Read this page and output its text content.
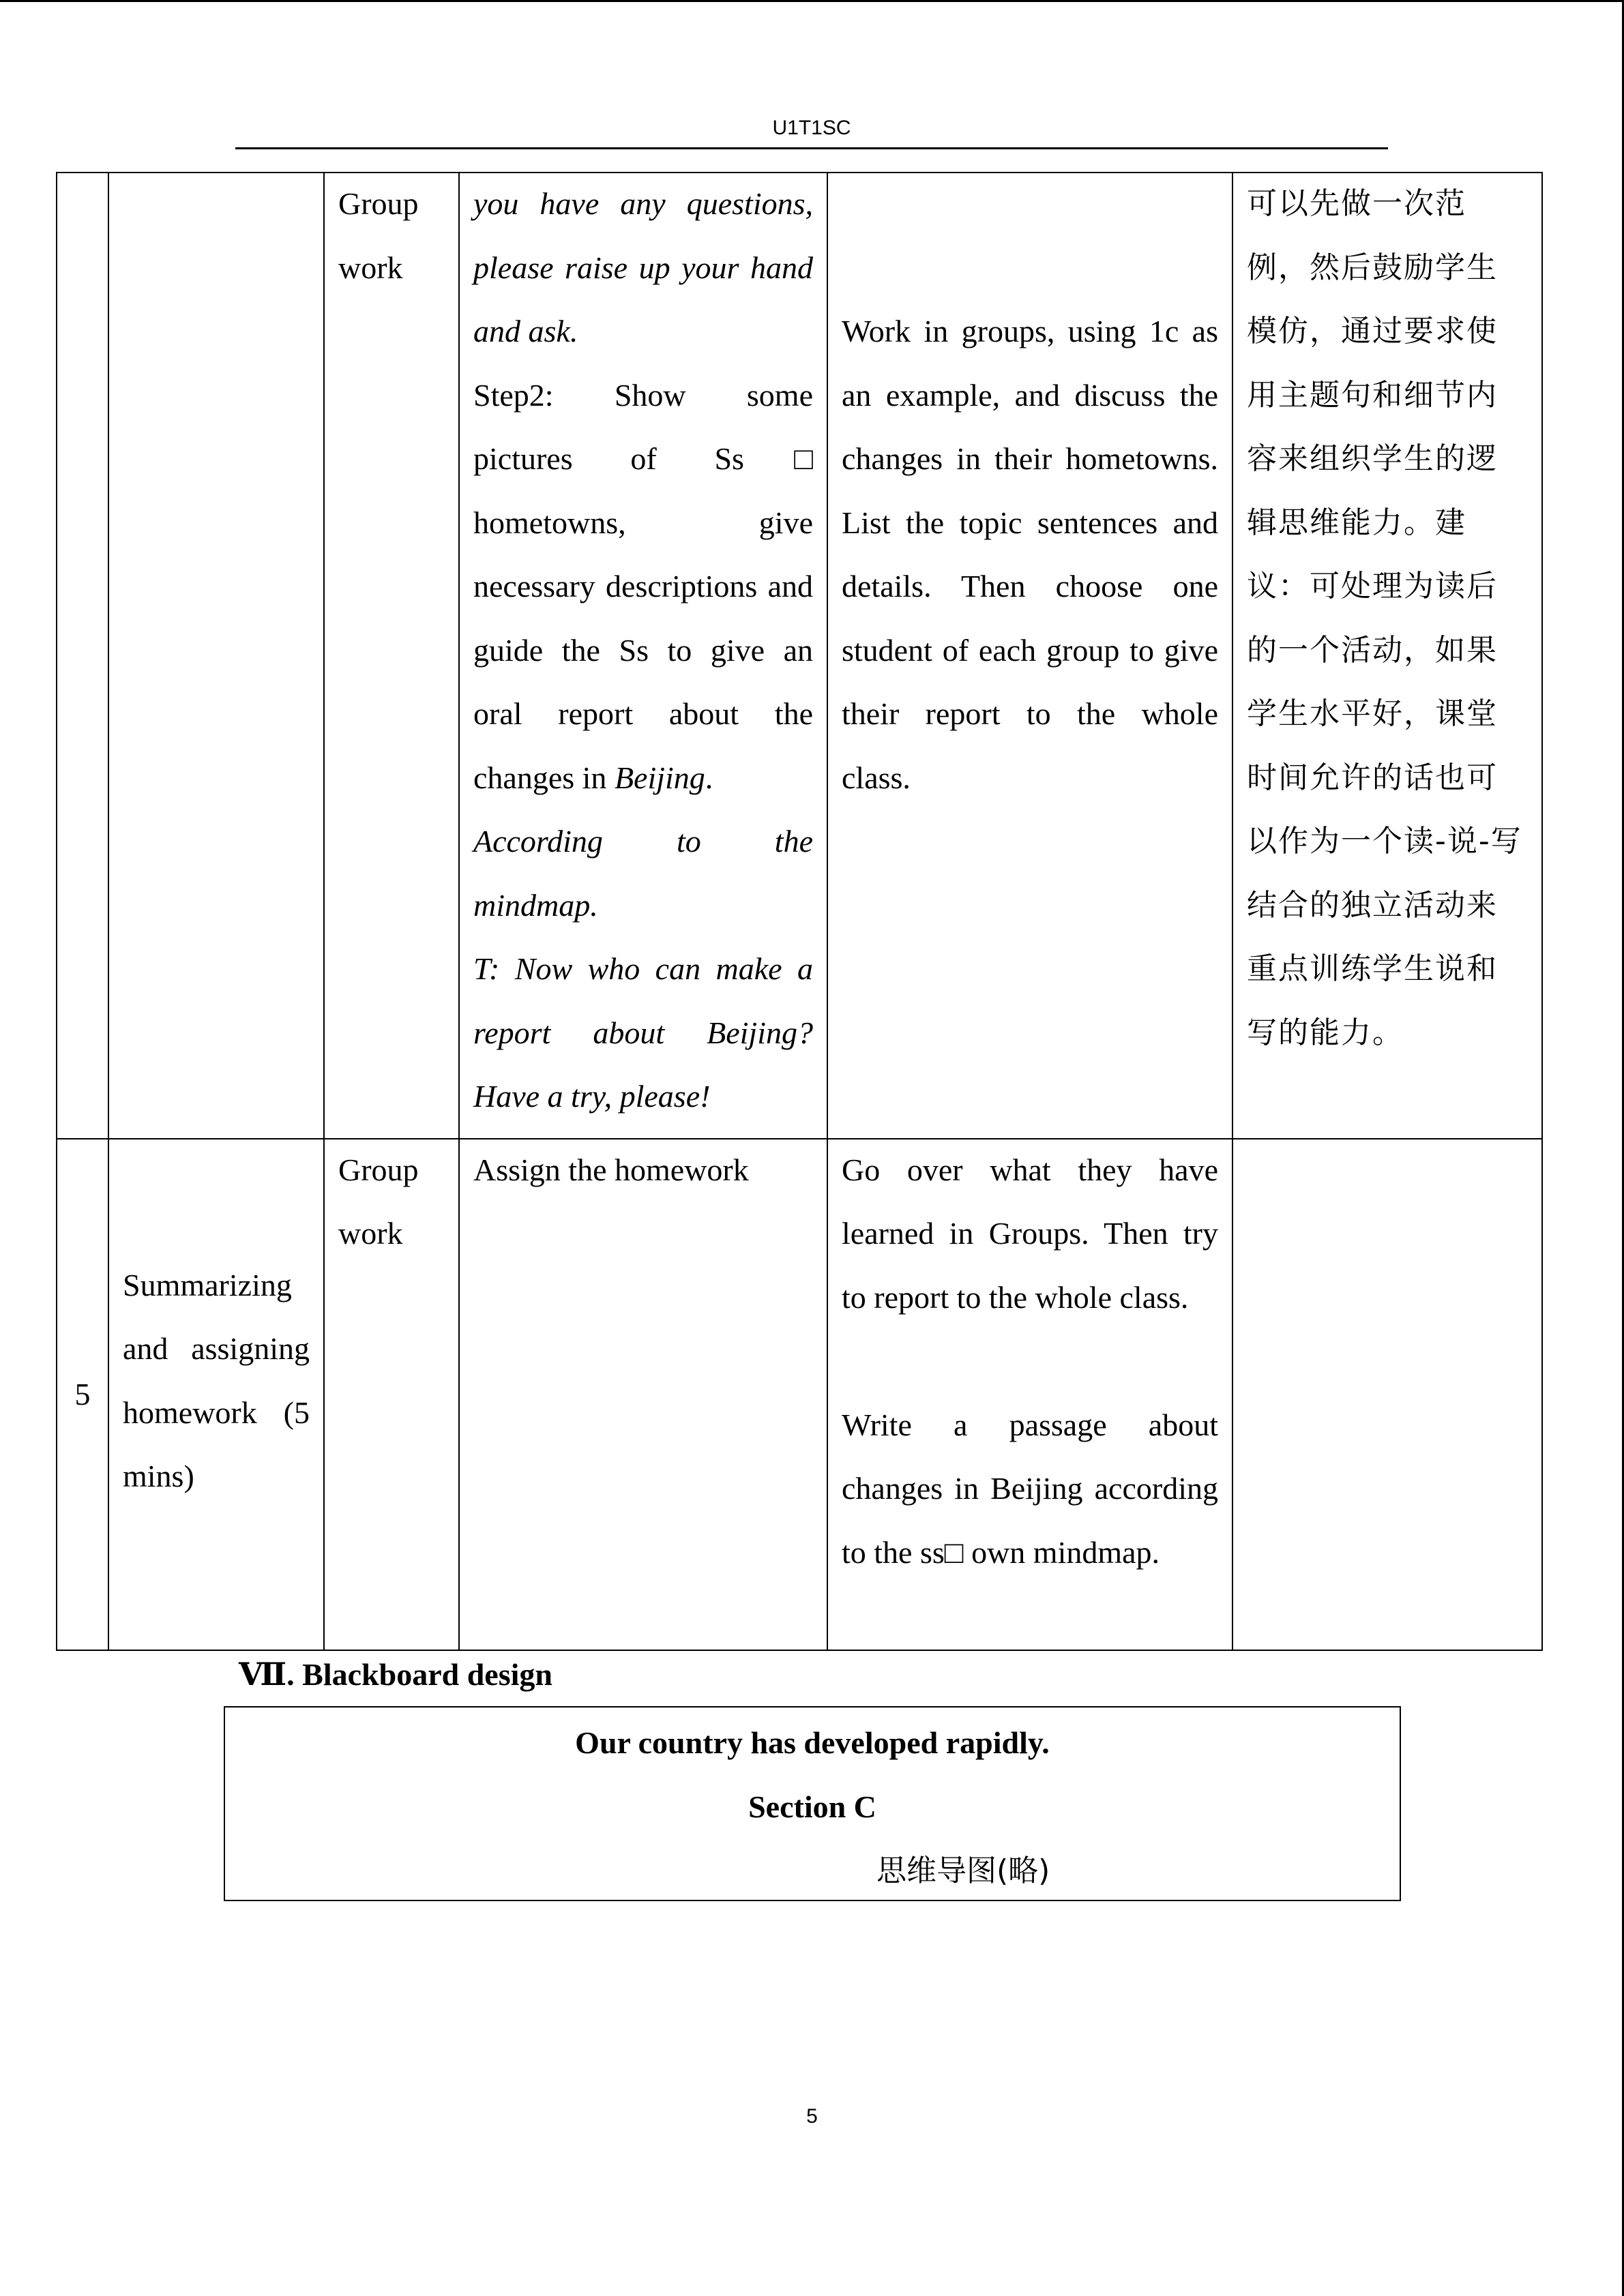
U1T1SC

		Group work	you have any questions, please raise up your hand and ask.
Step2: Show some pictures of Ss□ hometowns, give necessary descriptions and guide the Ss to give an oral report about the changes in Beijing.
According to the mindmap.
T: Now who can make a report about Beijing? Have a try, please!	Work in groups, using 1c as an example, and discuss the changes in their hometowns. List the topic sentences and details. Then choose one student of each group to give their report to the whole class.	可以先做一次范例，然后鼓励学生模仿，通过要求使用主题句和细节内容来组织学生的逻辑思维能力。建议：可处理为读后的一个活动，如果学生水平好，课堂时间允许的话也可以作为一个读-说-写结合的独立活动来重点训练学生说和写的能力。

5	Summarizing and assigning homework (5 mins)	Group work	Assign the homework	Go over what they have learned in Groups. Then try to report to the whole class.
Write a passage about changes in Beijing according to the ss□ own mindmap.	

Ⅶ. Blackboard design
Our country has developed rapidly.
Section C
思维导图(略)
5
